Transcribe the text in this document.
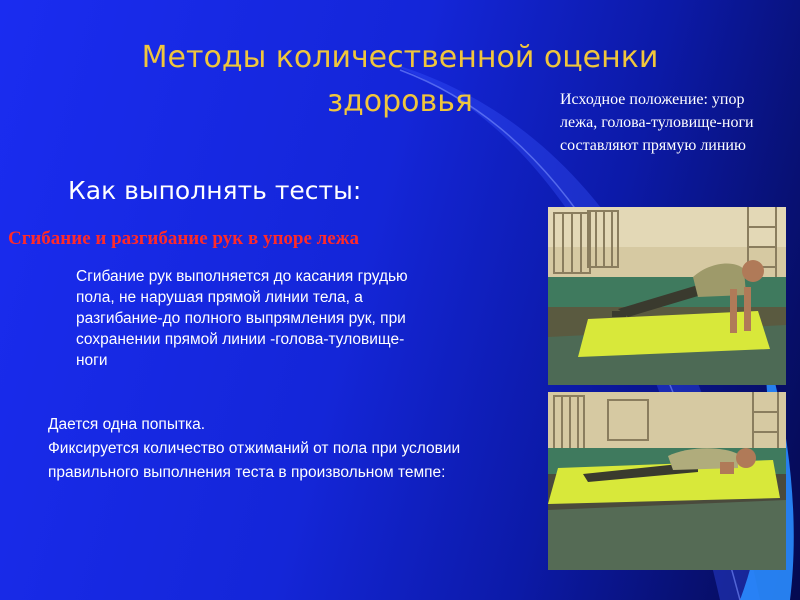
Методы количественной оценки здоровья	Исходное положение: упор лежа, голова-туловище-ноги составляют прямую линию
Как выполнять тесты:
Сгибание и разгибание рук в упоре лежа
Сгибание рук выполняется до касания грудью пола, не нарушая прямой линии тела, а разгибание-до полного выпрямления рук, при сохранении прямой линии -голова-туловище-ноги
Дается одна попытка.
Фиксируется количество отжиманий от пола при условии правильного выполнения теста в произвольном темпе:
